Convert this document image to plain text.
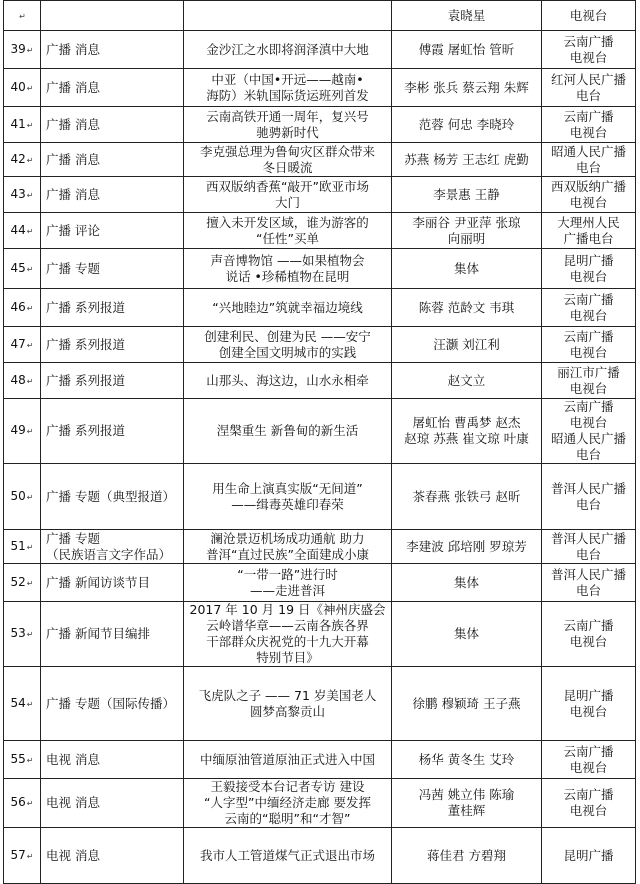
↵			袁晓星	电视台

39↵	广播 消息	金沙江之水即将润泽滇中大地	傅霞 屠虹怡 管昕	云南广播
电视台

40↵	广播 消息	中亚（中国•开远——越南•
海防）米轨国际货运班列首发	李彬 张兵 蔡云翔 朱辉	红河人民广播
电台

41↵	广播 消息	云南高铁开通一周年，复兴号
驰骋新时代	范蓉 何忠 李晓玲	云南广播
电视台

42↵	广播 消息	李克强总理为鲁甸灾区群众带来
冬日暖流	苏燕 杨芳 王志红 虎勤	昭通人民广播
电台

43↵	广播 消息	西双版纳香蕉“敲开”欧亚市场
大门	李景惠 王静	西双版纳广播
电视台

44↵	广播 评论	擅入未开发区域，谁为游客的
“任性”买单	李丽谷 尹亚萍 张琼
向丽明	大理州人民
广播电台

45↵	广播 专题	声音博物馆 ——如果植物会
说话 •珍稀植物在昆明	集体	昆明广播
电视台

46↵	广播 系列报道	“兴地睦边”筑就幸福边境线	陈蓉 范龄文 韦琪	云南广播
电视台

47↵	广播 系列报道	创建利民、创建为民 ——安宁
创建全国文明城市的实践	汪灏 刘江利	云南广播
电视台

48↵	广播 系列报道	山那头、海这边，山水永相牵	赵文立	丽江市广播
电视台

49↵	广播 系列报道	涅槃重生 新鲁甸的新生活	屠虹怡 曹禹梦 赵杰
赵琼 苏燕 崔文琼 叶康	云南广播
电视台
昭通人民广播
电台

50↵	广播 专题（典型报道）	用生命上演真实版“无间道”
——缉毒英雄印春荣	茶春燕 张铁弓 赵昕	普洱人民广播
电台

51↵	广播 专题
（民族语言文字作品）	澜沧景迈机场成功通航 助力
普洱“直过民族”全面建成小康	李建波 邱培刚 罗琼芳	普洱人民广播
电台

52↵	广播 新闻访谈节目	“一带一路”进行时
——走进普洱	集体	普洱人民广播
电台

53↵	广播 新闻节目编排	2017 年 10 月 19 日《神州庆盛会
云岭谱华章——云南各族各界
干部群众庆祝党的十九大开幕
特别节目》	集体	云南广播
电视台

54↵	广播 专题（国际传播）	飞虎队之子 —— 71 岁美国老人
圆梦高黎贡山	徐鹏 穆颖琦 王子燕	昆明广播
电视台

55↵	电视 消息	中缅原油管道原油正式进入中国	杨华 黄冬生 艾玲	云南广播
电视台

56↵	电视 消息	王毅接受本台记者专访 建设
“人字型”中缅经济走廊 要发挥
云南的“聪明”和“才智”	冯茜 姚立伟 陈瑜
董桂辉	云南广播
电视台

57↵	电视 消息	我市人工管道煤气正式退出市场	蒋佳君 方碧翔	昆明广播
